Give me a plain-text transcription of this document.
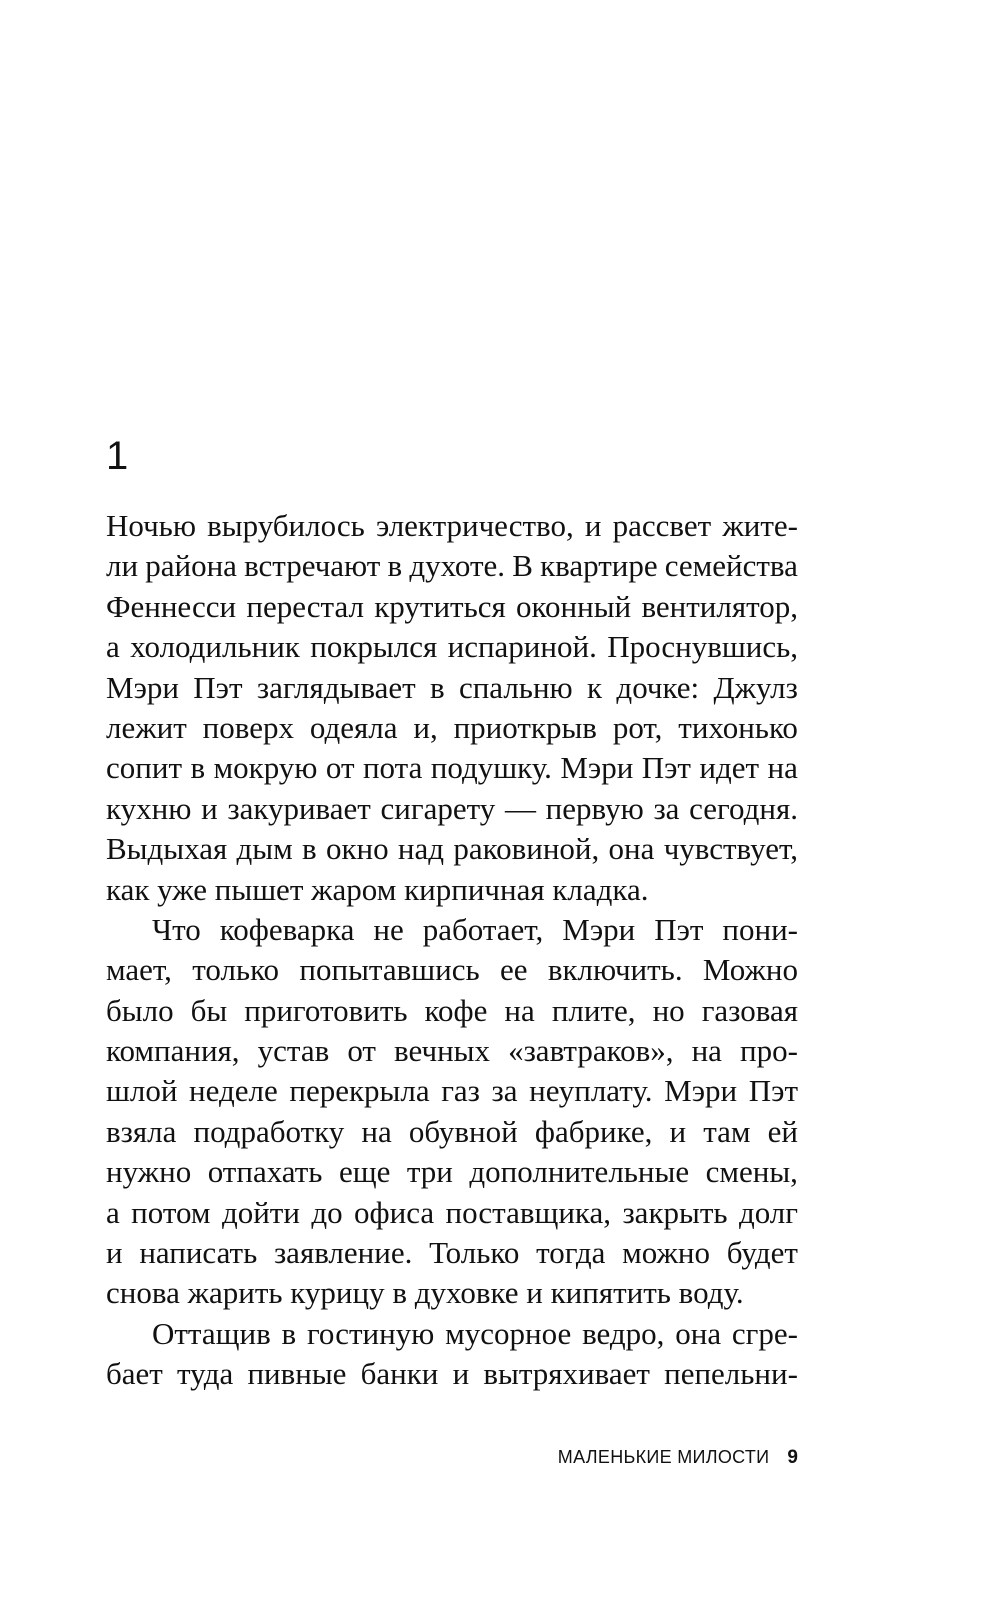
1
Ночью вырубилось электричество, и рассвет жите-
ли района встречают в духоте. В квартире семейства
Феннесси перестал крутиться оконный вентилятор,
а холодильник покрылся испариной. Проснувшись,
Мэри Пэт заглядывает в спальню к дочке: Джулз
лежит поверх одеяла и, приоткрыв рот, тихонько
сопит в мокрую от пота подушку. Мэри Пэт идет на
кухню и закуривает сигарету — первую за сегодня.
Выдыхая дым в окно над раковиной, она чувствует,
как уже пышет жаром кирпичная кладка.
Что кофеварка не работает, Мэри Пэт пони-
мает, только попытавшись ее включить. Можно
было бы приготовить кофе на плите, но газовая
компания, устав от вечных «завтраков», на про-
шлой неделе перекрыла газ за неуплату. Мэри Пэт
взяла подработку на обувной фабрике, и там ей
нужно отпахать еще три дополнительные смены,
а потом дойти до офиса поставщика, закрыть долг
и написать заявление. Только тогда можно будет
снова жарить курицу в духовке и кипятить воду.
Оттащив в гостиную мусорное ведро, она сгре-
бает туда пивные банки и вытряхивает пепельни-
МАЛЕНЬКИЕ МИЛОСТИ 9
